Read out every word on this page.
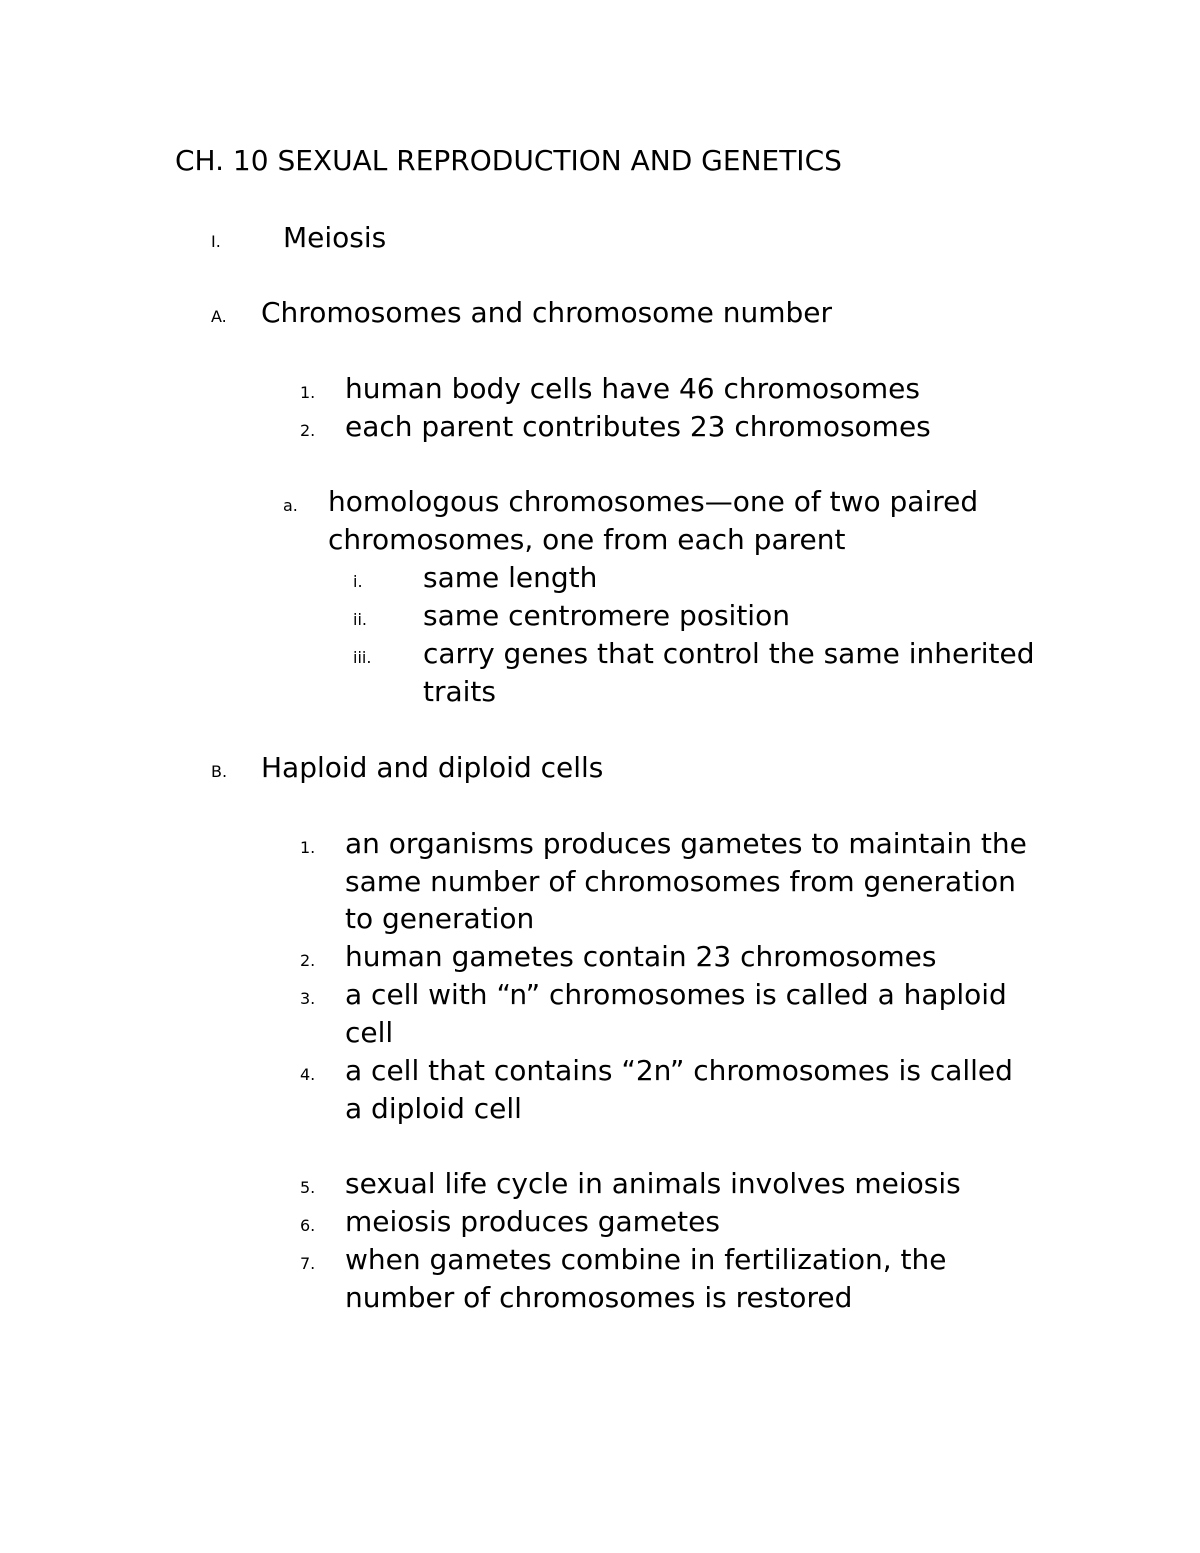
CH. 10 SEXUAL REPRODUCTION AND GENETICS
I. Meiosis
A. Chromosomes and chromosome number
1. human body cells have 46 chromosomes
2. each parent contributes 23 chromosomes
a. homologous chromosomes—one of two paired
chromosomes, one from each parent
i. same length
ii. same centromere position
iii. carry genes that control the same inherited
traits
B. Haploid and diploid cells
1. an organisms produces gametes to maintain the
same number of chromosomes from generation
to generation
2. human gametes contain 23 chromosomes
3. a cell with “n” chromosomes is called a haploid
cell
4. a cell that contains “2n” chromosomes is called
a diploid cell
5. sexual life cycle in animals involves meiosis
6. meiosis produces gametes
7. when gametes combine in fertilization, the
number of chromosomes is restored
